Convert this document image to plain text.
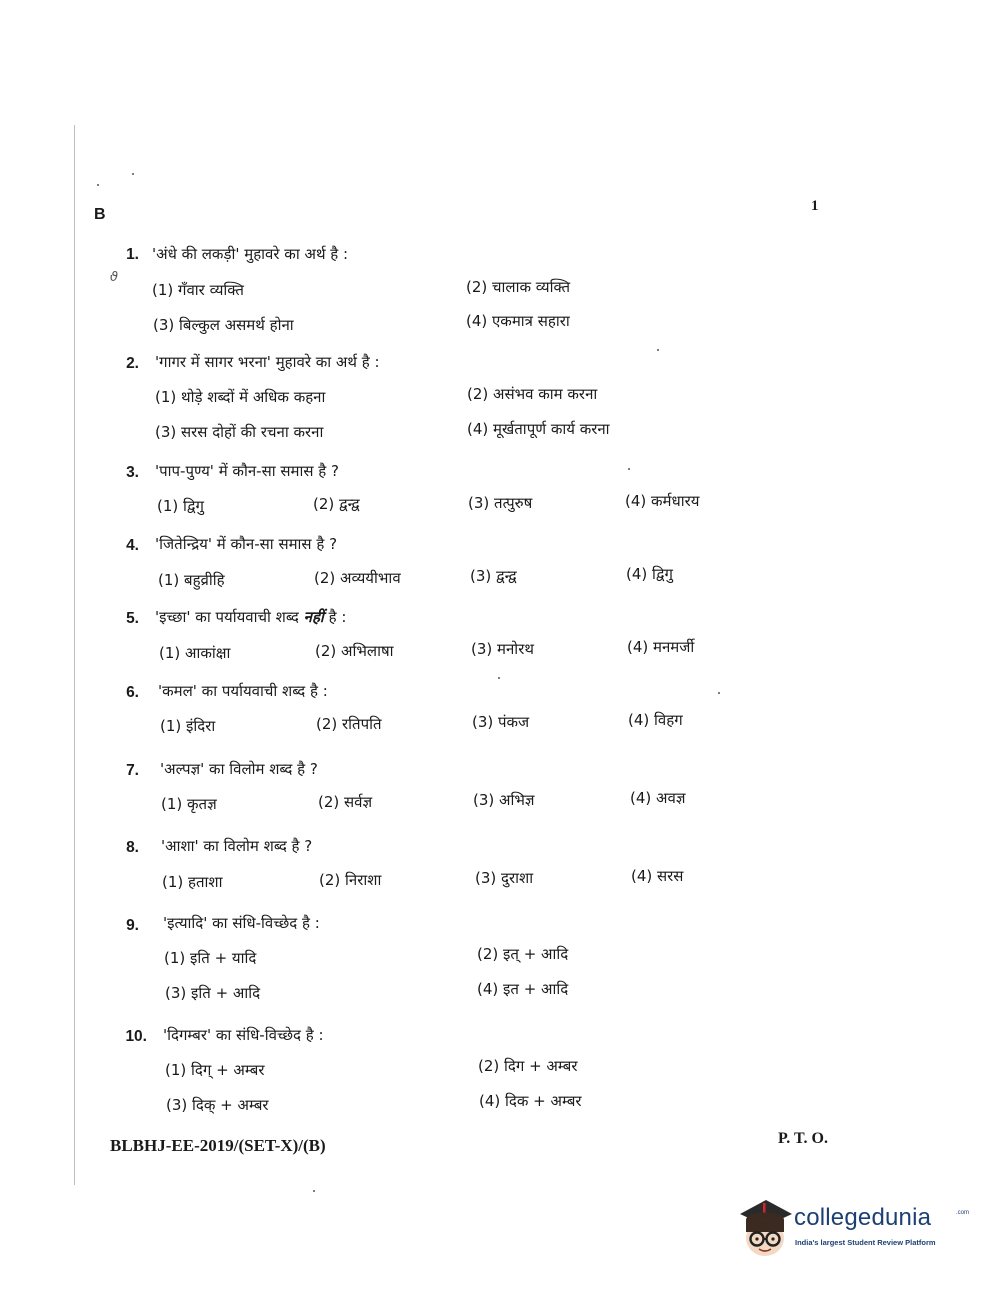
B	1
ϑ
1. 'अंधे की लकड़ी' मुहावरे का अर्थ है :
(1) गँवार व्यक्ति	(2) चालाक व्यक्ति
(3) बिल्कुल असमर्थ होना	(4) एकमात्र सहारा
2. 'गागर में सागर भरना' मुहावरे का अर्थ है :
(1) थोड़े शब्दों में अधिक कहना	(2) असंभव काम करना
(3) सरस दोहों की रचना करना	(4) मूर्खतापूर्ण कार्य करना
3. 'पाप-पुण्य' में कौन-सा समास है ?
(1) द्विगु	(2) द्वन्द्व	(3) तत्पुरुष	(4) कर्मधारय
4. 'जितेन्द्रिय' में कौन-सा समास है ?
(1) बहुव्रीहि	(2) अव्ययीभाव	(3) द्वन्द्व	(4) द्विगु
5. 'इच्छा' का पर्यायवाची शब्द नहीं है :
(1) आकांक्षा	(2) अभिलाषा	(3) मनोरथ	(4) मनमर्जी
6. 'कमल' का पर्यायवाची शब्द है :
(1) इंदिरा	(2) रतिपति	(3) पंकज	(4) विहग
7. 'अल्पज्ञ' का विलोम शब्द है ?
(1) कृतज्ञ	(2) सर्वज्ञ	(3) अभिज्ञ	(4) अवज्ञ
8. 'आशा' का विलोम शब्द है ?
(1) हताशा	(2) निराशा	(3) दुराशा	(4) सरस
9. 'इत्यादि' का संधि-विच्छेद है :
(1) इति + यादि	(2) इत् + आदि
(3) इति + आदि	(4) इत + आदि
10. 'दिगम्बर' का संधि-विच्छेद है :
(1) दिग् + अम्बर	(2) दिग + अम्बर
(3) दिक् + अम्बर	(4) दिक + अम्बर
BLBHJ-EE-2019/(SET-X)/(B)	P. T. O.
collegedunia	.com
India's largest Student Review Platform
